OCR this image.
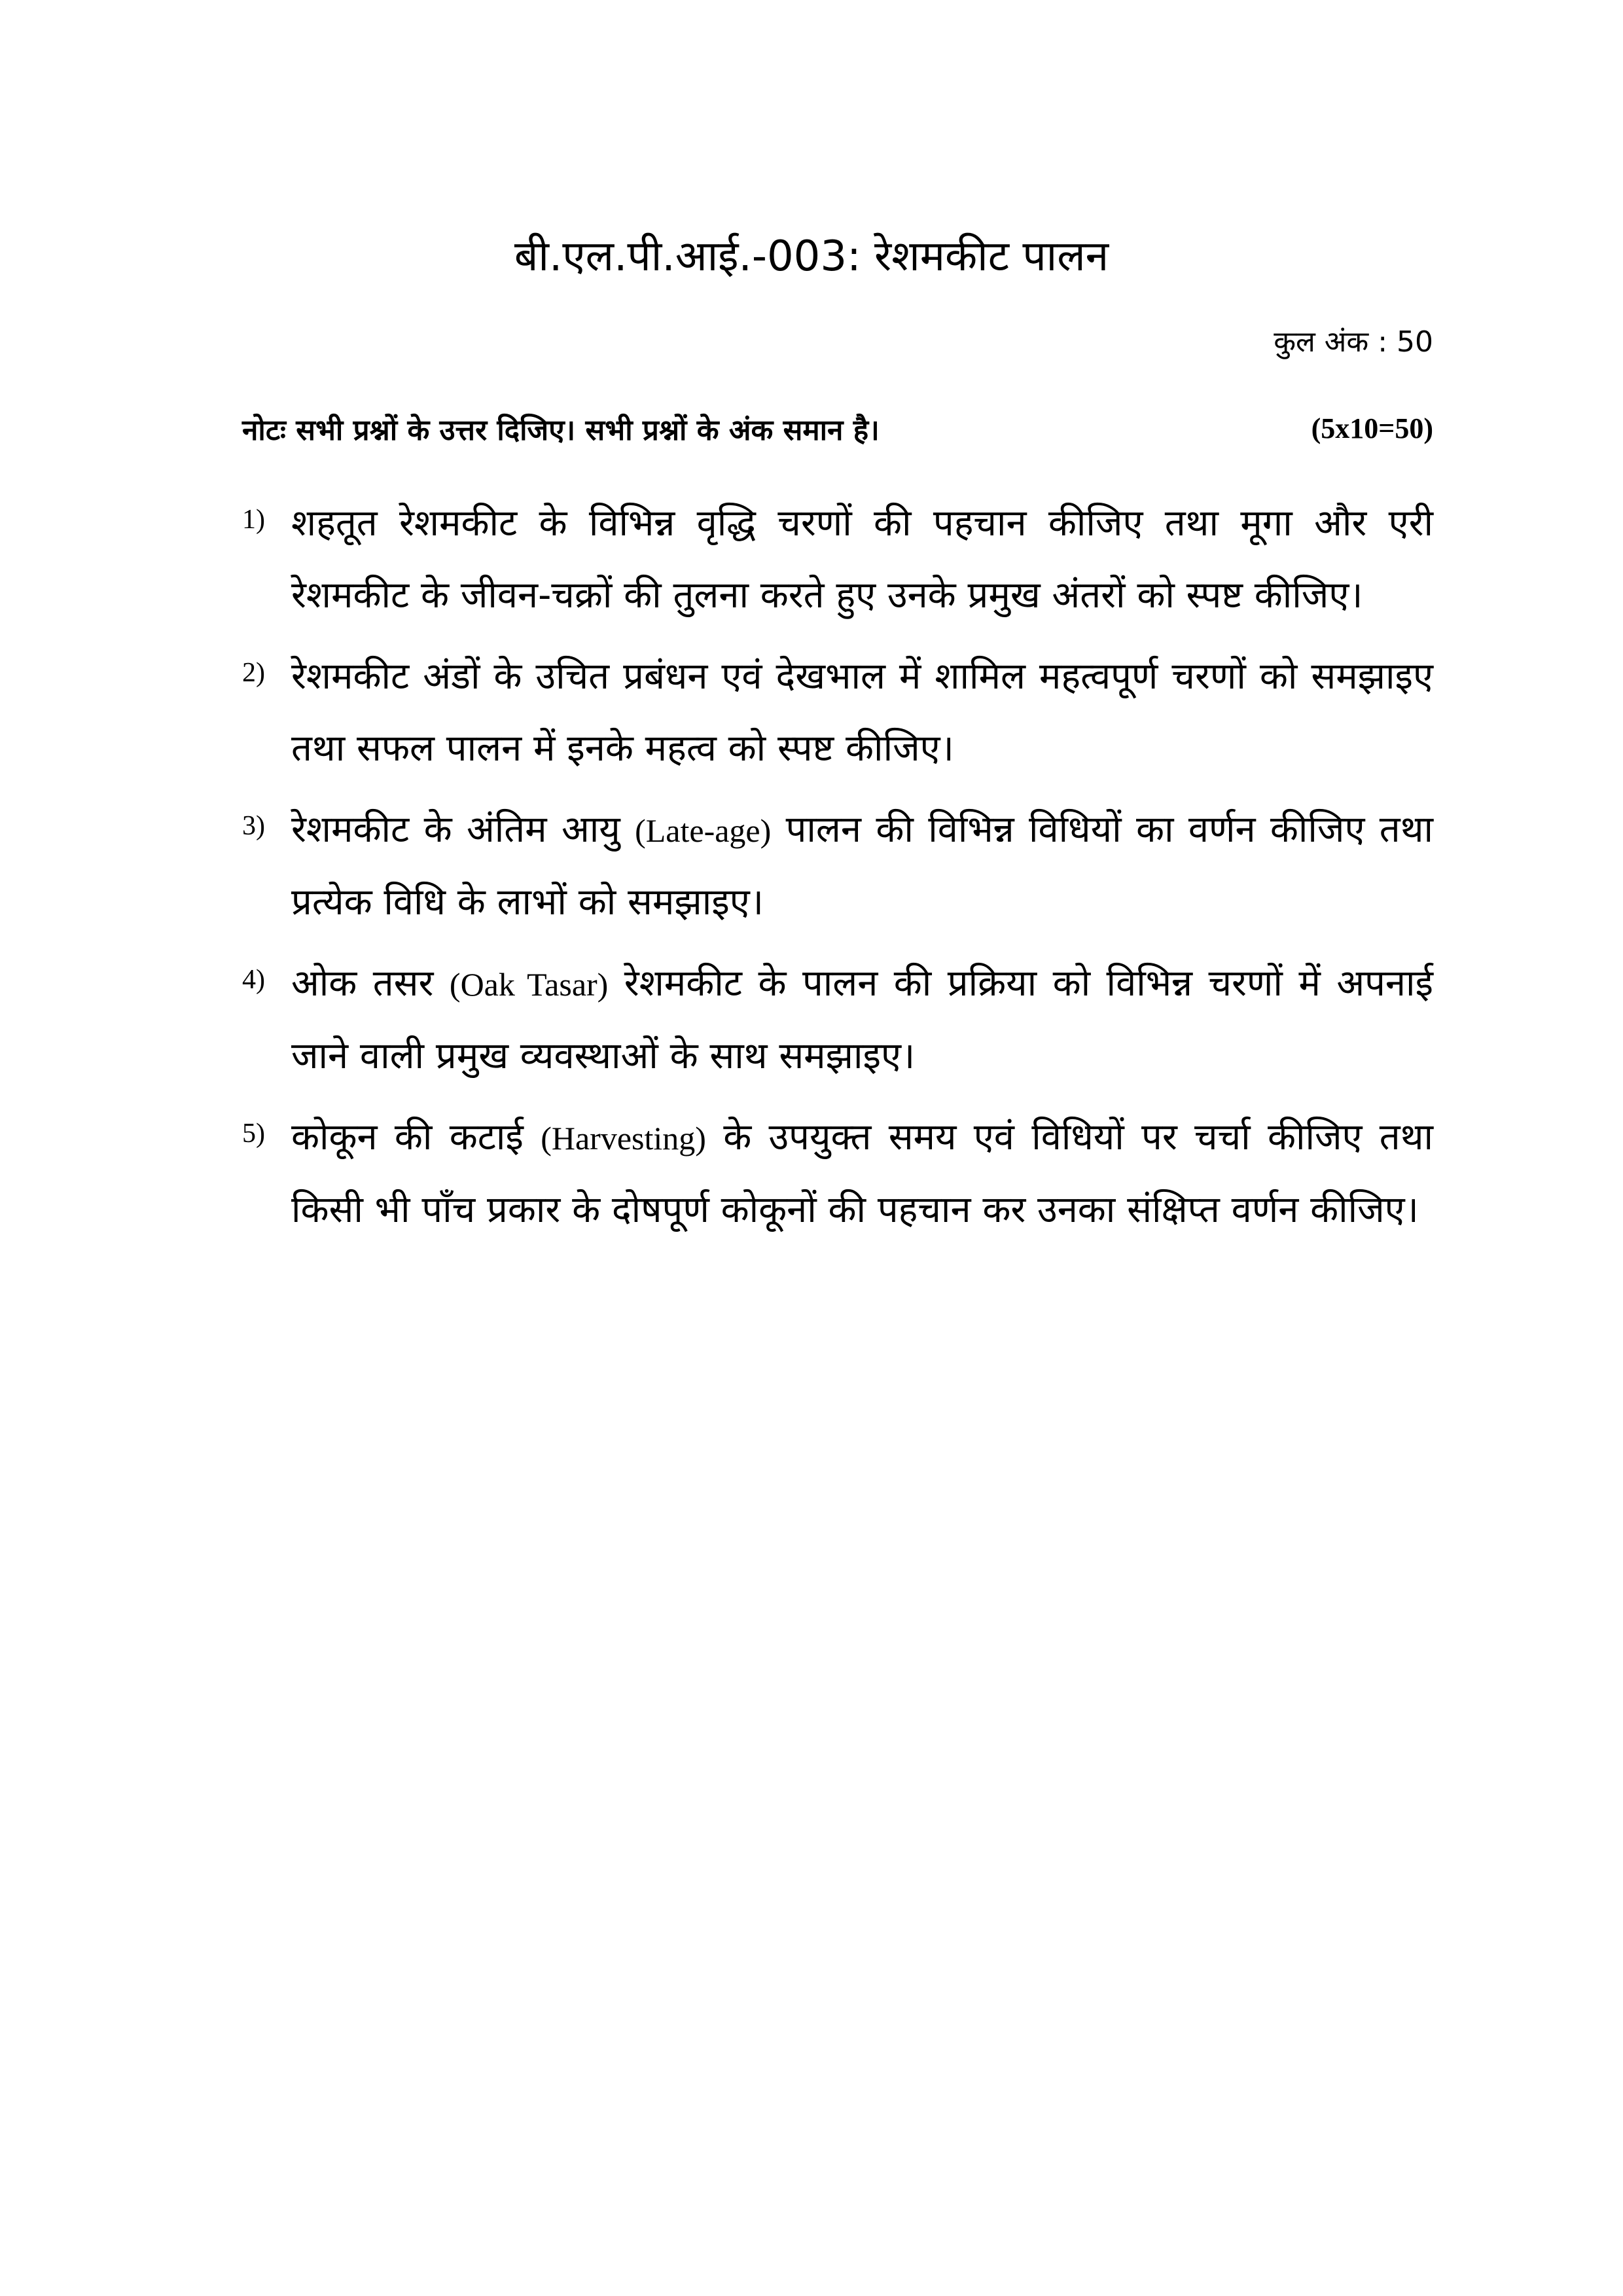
बी.एल.पी.आई.-003: रेशमकीट पालन
कुल अंक : 50
नोटः सभी प्रश्नों के उत्तर दिजिए। सभी प्रश्नों के अंक समान है।	(5x10=50)
1) शहतूत रेशमकीट के विभिन्न वृद्धि चरणों की पहचान कीजिए तथा मूगा और एरी रेशमकीट के जीवन-चक्रों की तुलना करते हुए उनके प्रमुख अंतरों को स्पष्ट कीजिए।
2) रेशमकीट अंडों के उचित प्रबंधन एवं देखभाल में शामिल महत्वपूर्ण चरणों को समझाइए तथा सफल पालन में इनके महत्व को स्पष्ट कीजिए।
3) रेशमकीट के अंतिम आयु (Late-age) पालन की विभिन्न विधियों का वर्णन कीजिए तथा प्रत्येक विधि के लाभों को समझाइए।
4) ओक तसर (Oak Tasar) रेशमकीट के पालन की प्रक्रिया को विभिन्न चरणों में अपनाई जाने वाली प्रमुख व्यवस्थाओं के साथ समझाइए।
5) कोकून की कटाई (Harvesting) के उपयुक्त समय एवं विधियों पर चर्चा कीजिए तथा किसी भी पाँच प्रकार के दोषपूर्ण कोकूनों की पहचान कर उनका संक्षिप्त वर्णन कीजिए।
